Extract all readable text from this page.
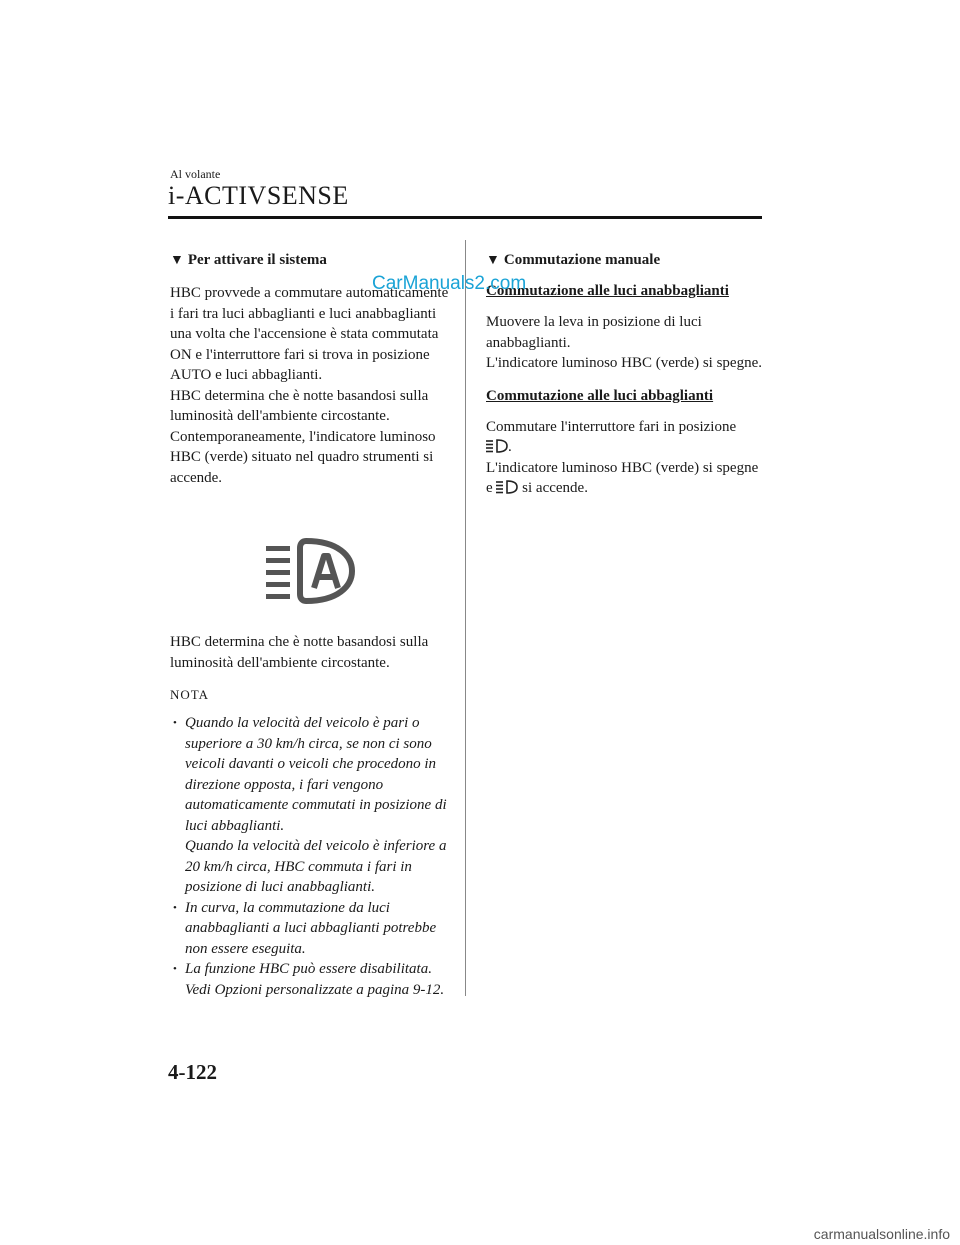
Al volante
i-ACTIVSENSE
▼ Per attivare il sistema

HBC provvede a commutare automaticamente i fari tra luci abbaglianti e luci anabbaglianti una volta che l'accensione è stata commutata ON e l'interruttore fari si trova in posizione AUTO e luci abbaglianti.

HBC determina che è notte basandosi sulla luminosità dell'ambiente circostante.

Contemporaneamente, l'indicatore luminoso HBC (verde) situato nel quadro strumenti si accende.

HBC determina che è notte basandosi sulla luminosità dell'ambiente circostante.

NOTA
• Quando la velocità del veicolo è pari o superiore a 30 km/h circa, se non ci sono veicoli davanti o veicoli che procedono in direzione opposta, i fari vengono automaticamente commutati in posizione di luci abbaglianti.
Quando la velocità del veicolo è inferiore a 20 km/h circa, HBC commuta i fari in posizione di luci anabbaglianti.
• In curva, la commutazione da luci anabbaglianti a luci abbaglianti potrebbe non essere eseguita.
• La funzione HBC può essere disabilitata. Vedi Opzioni personalizzate a pagina 9-12.
▼ Commutazione manuale
Commutazione alle luci anabbaglianti

Muovere la leva in posizione di luci anabbaglianti.

L'indicatore luminoso HBC (verde) si spegne.

Commutazione alle luci abbaglianti

Commutare l'interruttore fari in posizione
.

L'indicatore luminoso HBC (verde) si spegne e si accende.

CarManuals2.com
4-122
carmanualsonline.info
